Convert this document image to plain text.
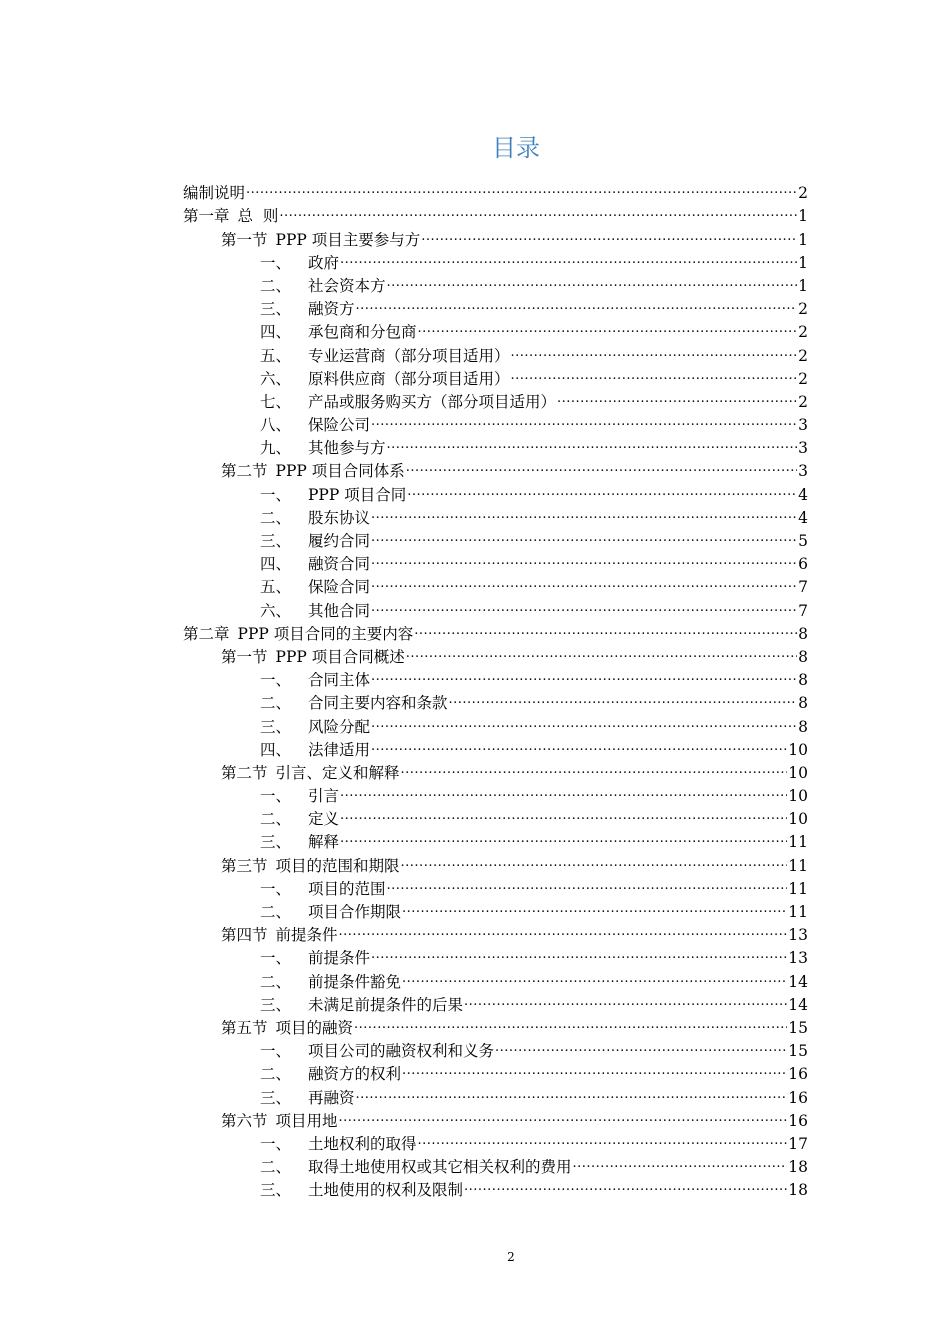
目录
编制说明 .....	2
第一章 总  则 .....	1
第一节 PPP 项目主要参与方 .....	1
一、	政府 .....	1
二、	社会资本方 .....	1
三、	融资方 .....	2
四、	承包商和分包商 .....	2
五、	专业运营商（部分项目适用） .....	2
六、	原料供应商（部分项目适用） .....	2
七、	产品或服务购买方（部分项目适用） .....	2
八、	保险公司 .....	3
九、	其他参与方 .....	3
第二节 PPP 项目合同体系 .....	3
一、	PPP 项目合同 .....	4
二、	股东协议 .....	4
三、	履约合同 .....	5
四、	融资合同 .....	6
五、	保险合同 .....	7
六、	其他合同 .....	7
第二章 PPP 项目合同的主要内容 .....	8
第一节 PPP 项目合同概述 .....	8
一、	合同主体 .....	8
二、	合同主要内容和条款 .....	8
三、	风险分配 .....	8
四、	法律适用 .....	10
第二节 引言、定义和解释 .....	10
一、	引言 .....	10
二、	定义 .....	10
三、	解释 .....	11
第三节 项目的范围和期限 .....	11
一、	项目的范围 .....	11
二、	项目合作期限 .....	11
第四节 前提条件 .....	13
一、	前提条件 .....	13
二、	前提条件豁免 .....	14
三、	未满足前提条件的后果 .....	14
第五节 项目的融资 .....	15
一、	项目公司的融资权利和义务 .....	15
二、	融资方的权利 .....	16
三、	再融资 .....	16
第六节 项目用地 .....	16
一、	土地权利的取得 .....	17
二、	取得土地使用权或其它相关权利的费用 .....	18
三、	土地使用的权利及限制 .....	18
2
